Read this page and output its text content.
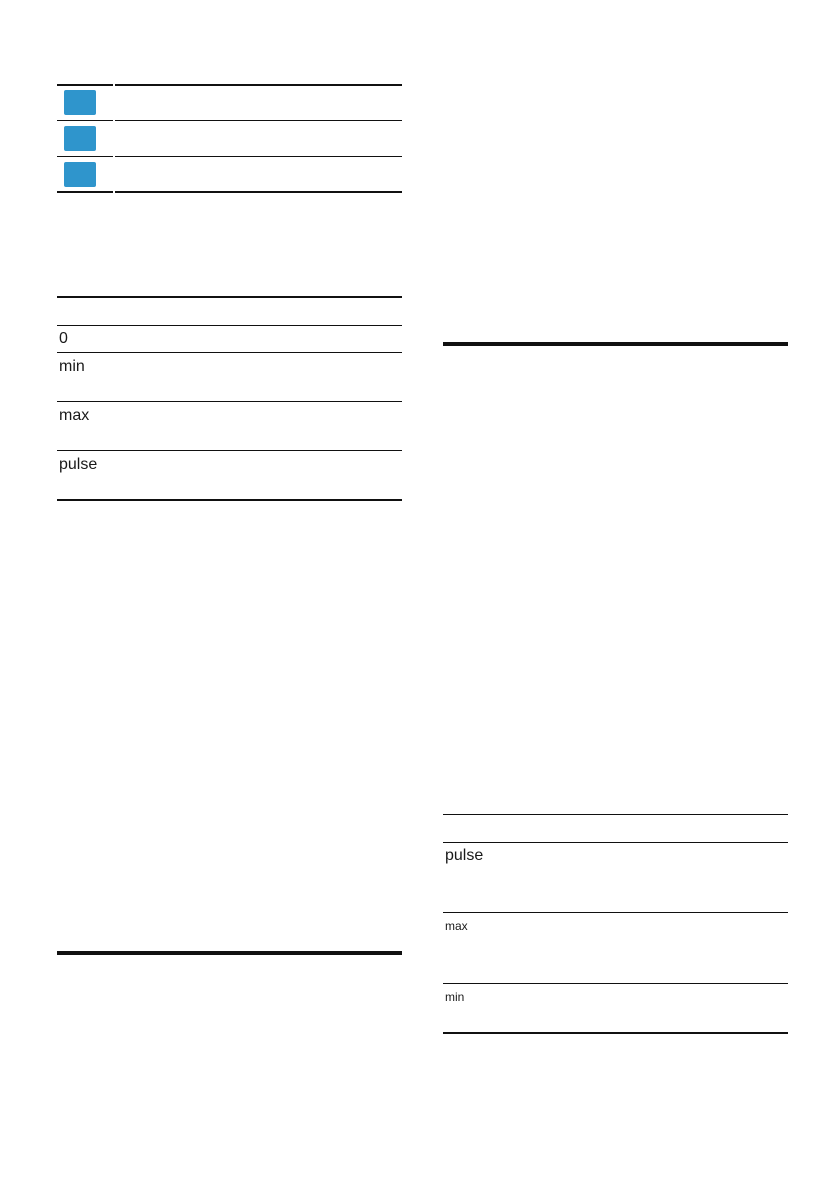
0
min
max
pulse
pulse
max
min
